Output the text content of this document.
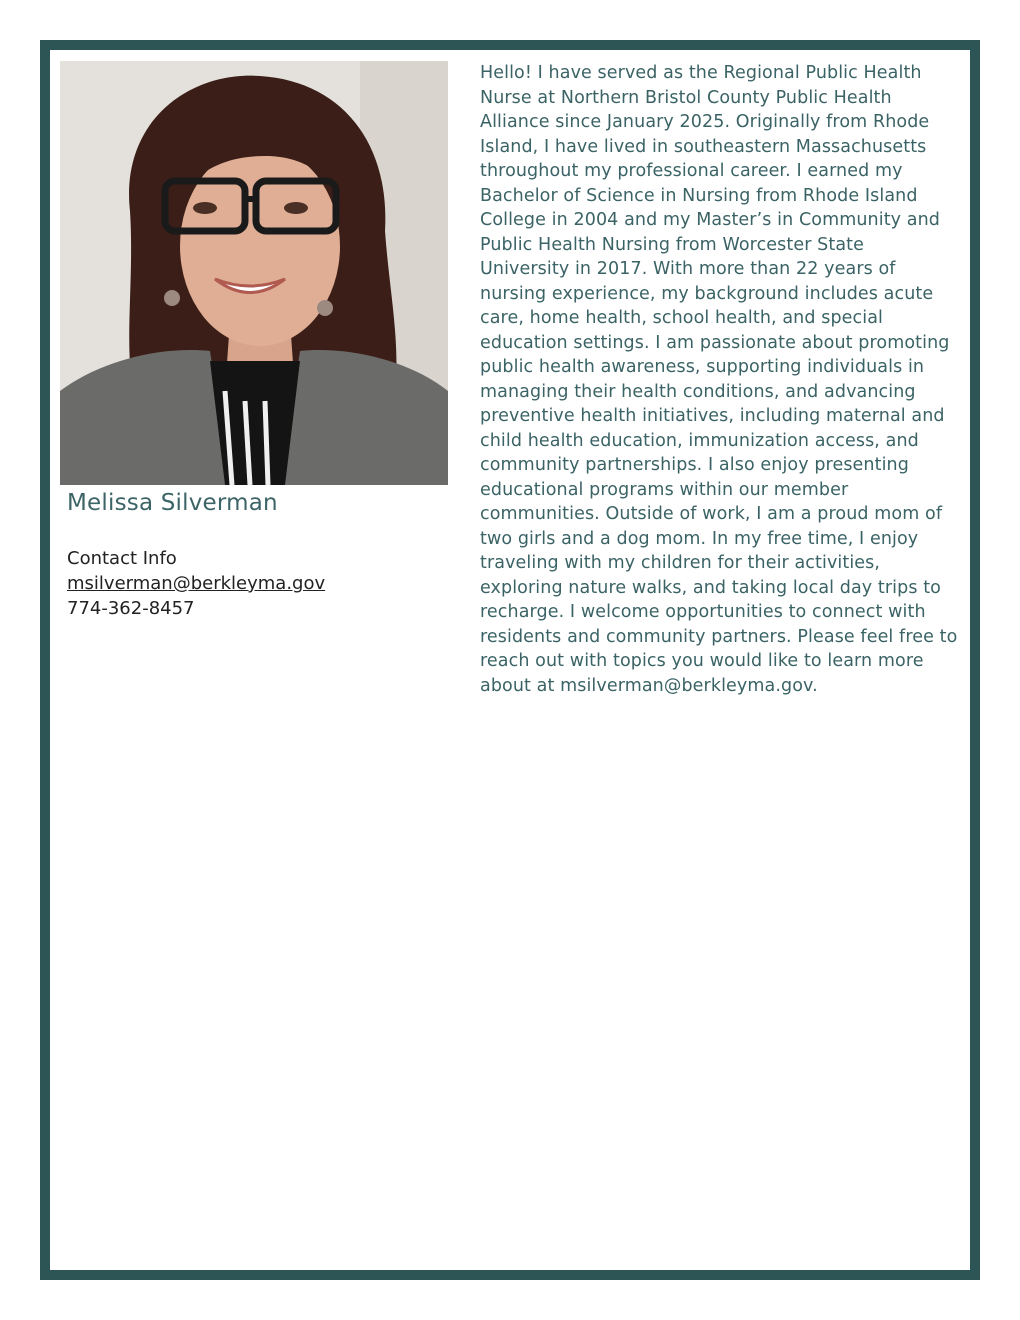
Melissa Silverman
Contact Info
msilverman@berkleyma.gov
774-362-8457

Hello! I have served as the Regional Public Health Nurse at Northern Bristol County Public Health Alliance since January 2025. Originally from Rhode Island, I have lived in southeastern Massachusetts throughout my professional career. I earned my Bachelor of Science in Nursing from Rhode Island College in 2004 and my Master’s in Community and Public Health Nursing from Worcester State University in 2017. With more than 22 years of nursing experience, my background includes acute care, home health, school health, and special education settings. I am passionate about promoting public health awareness, supporting individuals in managing their health conditions, and advancing preventive health initiatives, including maternal and child health education, immunization access, and community partnerships. I also enjoy presenting educational programs within our member communities. Outside of work, I am a proud mom of two girls and a dog mom. In my free time, I enjoy traveling with my children for their activities, exploring nature walks, and taking local day trips to recharge. I welcome opportunities to connect with residents and community partners. Please feel free to reach out with topics you would like to learn more about at msilverman@berkleyma.gov.
